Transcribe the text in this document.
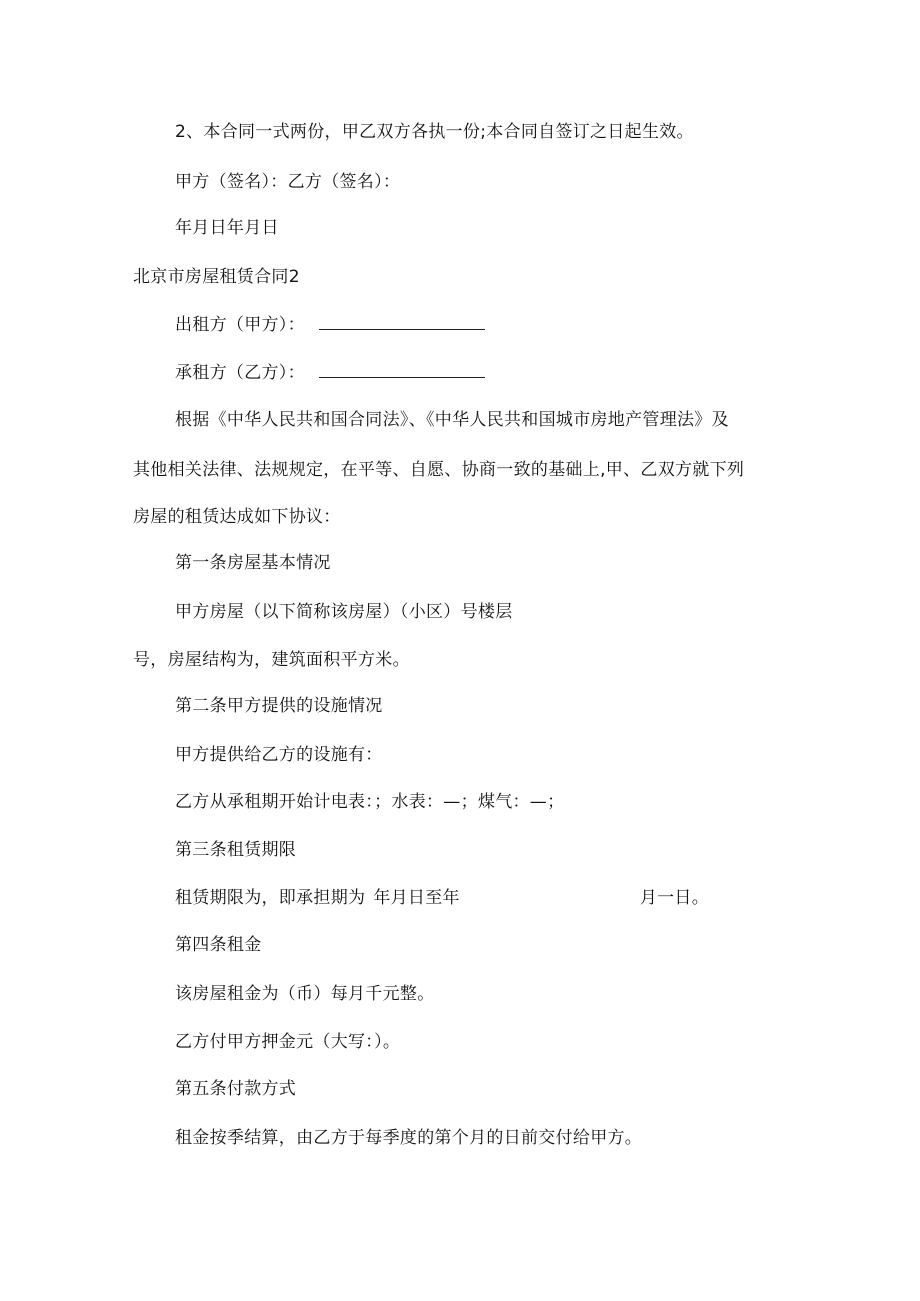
2、本合同一式两份，甲乙双方各执一份;本合同自签订之日起生效。
甲方（签名）：乙方（签名）：
年月日年月日
北京市房屋租赁合同2
出租方（甲方）：
承租方（乙方）：
根据《中华人民共和国合同法》、《中华人民共和国城市房地产管理法》及
其他相关法律、法规规定，在平等、自愿、协商一致的基础上,甲、乙双方就下列
房屋的租赁达成如下协议：
第一条房屋基本情况
甲方房屋（以下简称该房屋）（小区）号楼层
号，房屋结构为，建筑面积平方米。
第二条甲方提供的设施情况
甲方提供给乙方的设施有：
乙方从承租期开始计电表：；水表：—；煤气：—；
第三条租赁期限
租赁期限为，即承担期为 年月日至年	月一日。
第四条租金
该房屋租金为（币）每月千元整。
乙方付甲方押金元（大写：）。
第五条付款方式
租金按季结算，由乙方于每季度的第个月的日前交付给甲方。
